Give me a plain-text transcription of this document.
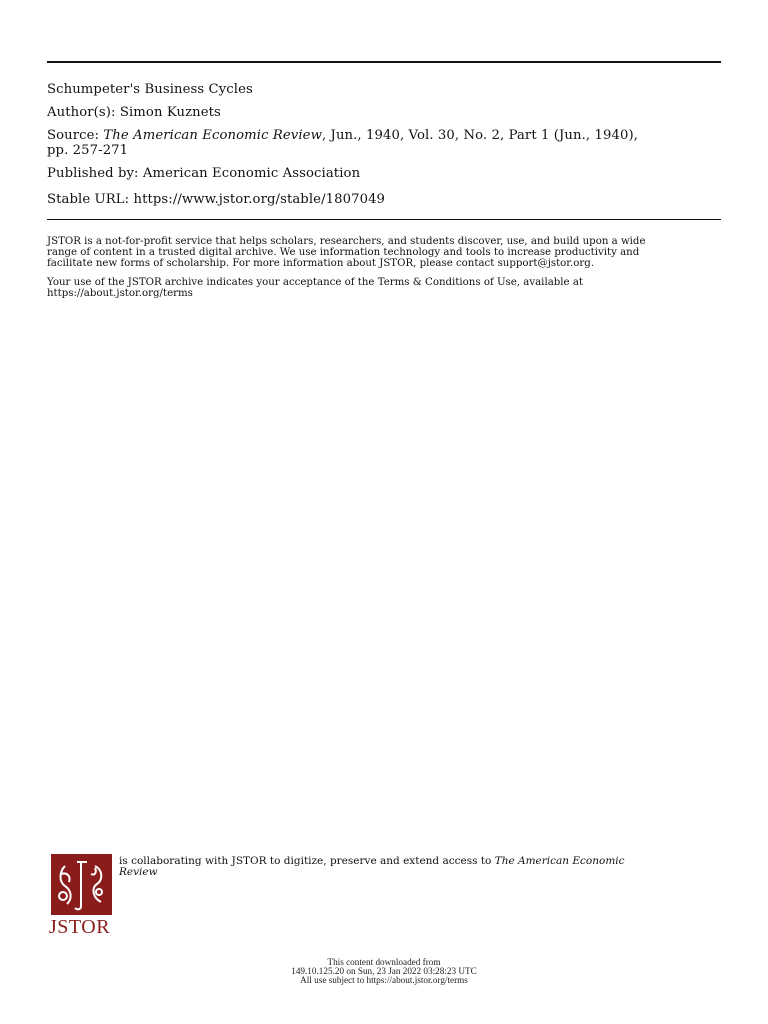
Schumpeter's Business Cycles
Author(s): Simon Kuznets
Source: The American Economic Review, Jun., 1940, Vol. 30, No. 2, Part 1 (Jun., 1940),
pp. 257-271
Published by: American Economic Association
Stable URL: https://www.jstor.org/stable/1807049
JSTOR is a not-for-profit service that helps scholars, researchers, and students discover, use, and build upon a wide
range of content in a trusted digital archive. We use information technology and tools to increase productivity and
facilitate new forms of scholarship. For more information about JSTOR, please contact support@jstor.org.
Your use of the JSTOR archive indicates your acceptance of the Terms & Conditions of Use, available at
https://about.jstor.org/terms
JSTOR
is collaborating with JSTOR to digitize, preserve and extend access to The American Economic
Review
This content downloaded from
149.10.125.20 on Sun, 23 Jan 2022 03:28:23 UTC
All use subject to https://about.jstor.org/terms
